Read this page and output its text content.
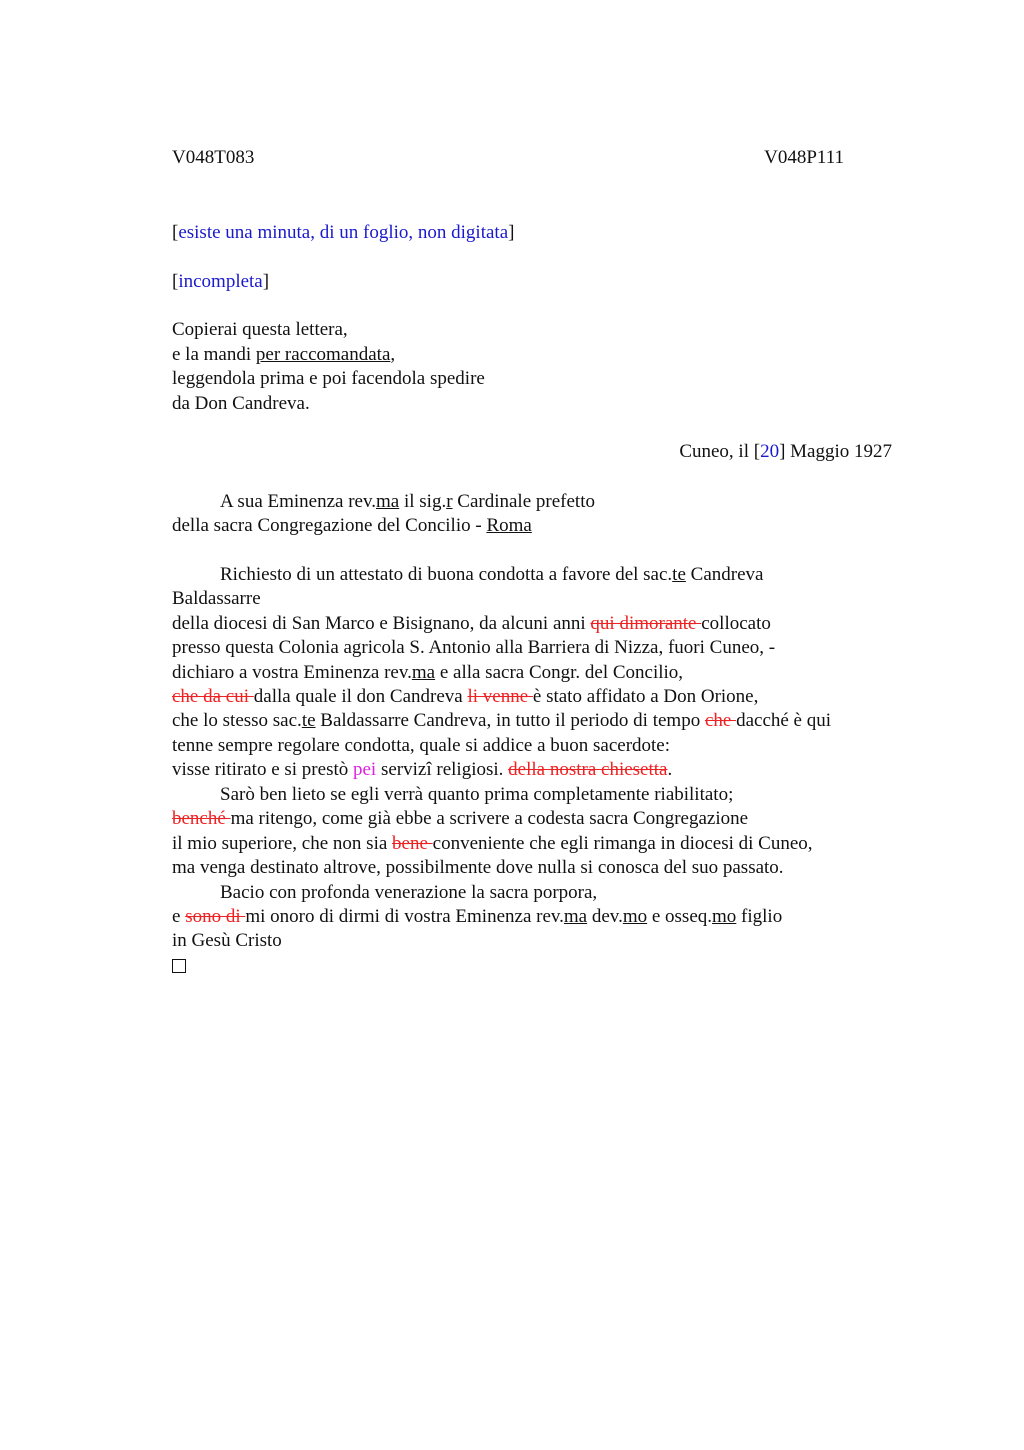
V048T083	V048P111
[esiste una minuta, di un foglio, non digitata]
[incompleta]
Copierai questa lettera,
e la mandi per raccomandata,
leggendola prima e poi facendola spedire
da Don Candreva.
Cuneo, il [20] Maggio 1927
A sua Eminenza rev.ma il sig.r Cardinale prefetto
della sacra Congregazione del Concilio - Roma
Richiesto di un attestato di buona condotta a favore del sac.te Candreva
Baldassarre
della diocesi di San Marco e Bisignano, da alcuni anni qui dimorante collocato
presso questa Colonia agricola S. Antonio alla Barriera di Nizza, fuori Cuneo, -
dichiaro a vostra Eminenza rev.ma e alla sacra Congr. del Concilio,
che da cui dalla quale il don Candreva li venne è stato affidato a Don Orione,
che lo stesso sac.te Baldassarre Candreva, in tutto il periodo di tempo che dacché è qui
tenne sempre regolare condotta, quale si addice a buon sacerdote:
visse ritirato e si prestò pei servizî religiosi. della nostra chiesetta.
Sarò ben lieto se egli verrà quanto prima completamente riabilitato;
benché ma ritengo, come già ebbe a scrivere a codesta sacra Congregazione
il mio superiore, che non sia bene conveniente che egli rimanga in diocesi di Cuneo,
ma venga destinato altrove, possibilmente dove nulla si conosca del suo passato.
Bacio con profonda venerazione la sacra porpora,
e sono di mi onoro di dirmi di vostra Eminenza rev.ma dev.mo e osseq.mo figlio
in Gesù Cristo
